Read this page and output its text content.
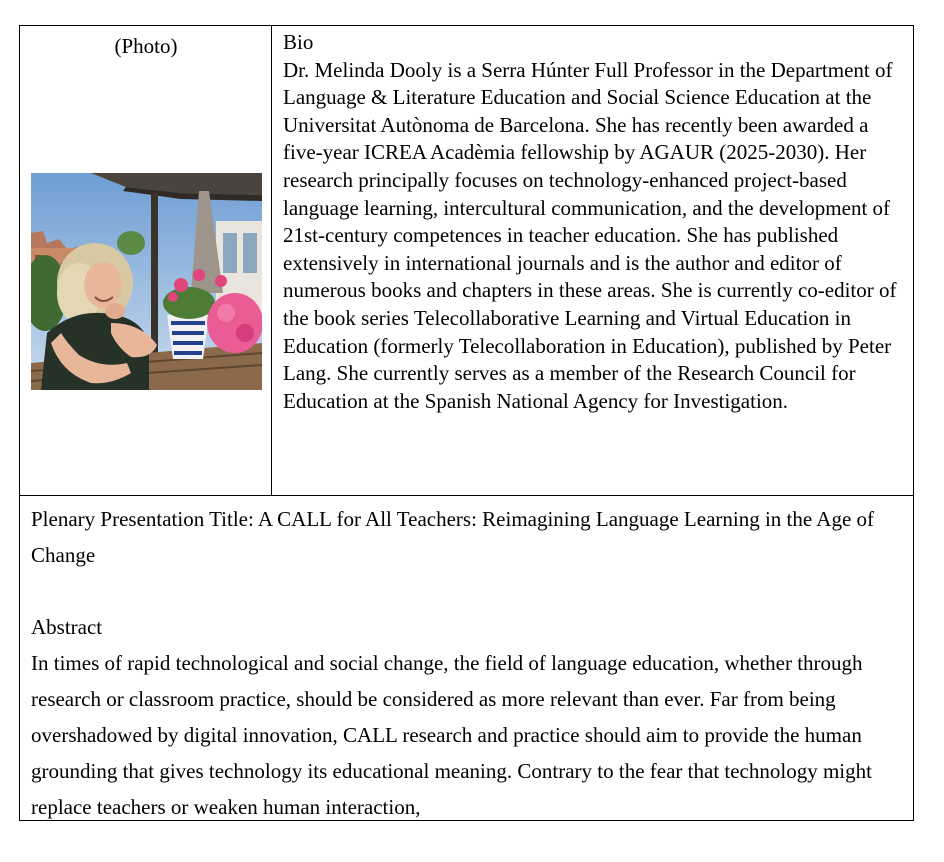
(Photo)	Bio

Dr. Melinda Dooly is a Serra Húnter Full Professor in the Department of Language & Literature Education and Social Science Education at the Universitat Autònoma de Barcelona. She has recently been awarded a five-year ICREA Acadèmia fellowship by AGAUR (2025-2030). Her research principally focuses on technology-enhanced project-based language learning, intercultural communication, and the development of 21st-century competences in teacher education. She has published extensively in international journals and is the author and editor of numerous books and chapters in these areas. She is currently co-editor of the book series Telecollaborative Learning and Virtual Education in Education (formerly Telecollaboration in Education), published by Peter Lang. She currently serves as a member of the Research Council for Education at the Spanish National Agency for Investigation.

Plenary Presentation Title: A CALL for All Teachers: Reimagining Language Learning in the Age of Change

Abstract

In times of rapid technological and social change, the field of language education, whether through research or classroom practice, should be considered as more relevant than ever. Far from being overshadowed by digital innovation, CALL research and practice should aim to provide the human grounding that gives technology its educational meaning. Contrary to the fear that technology might replace teachers or weaken human interaction,
